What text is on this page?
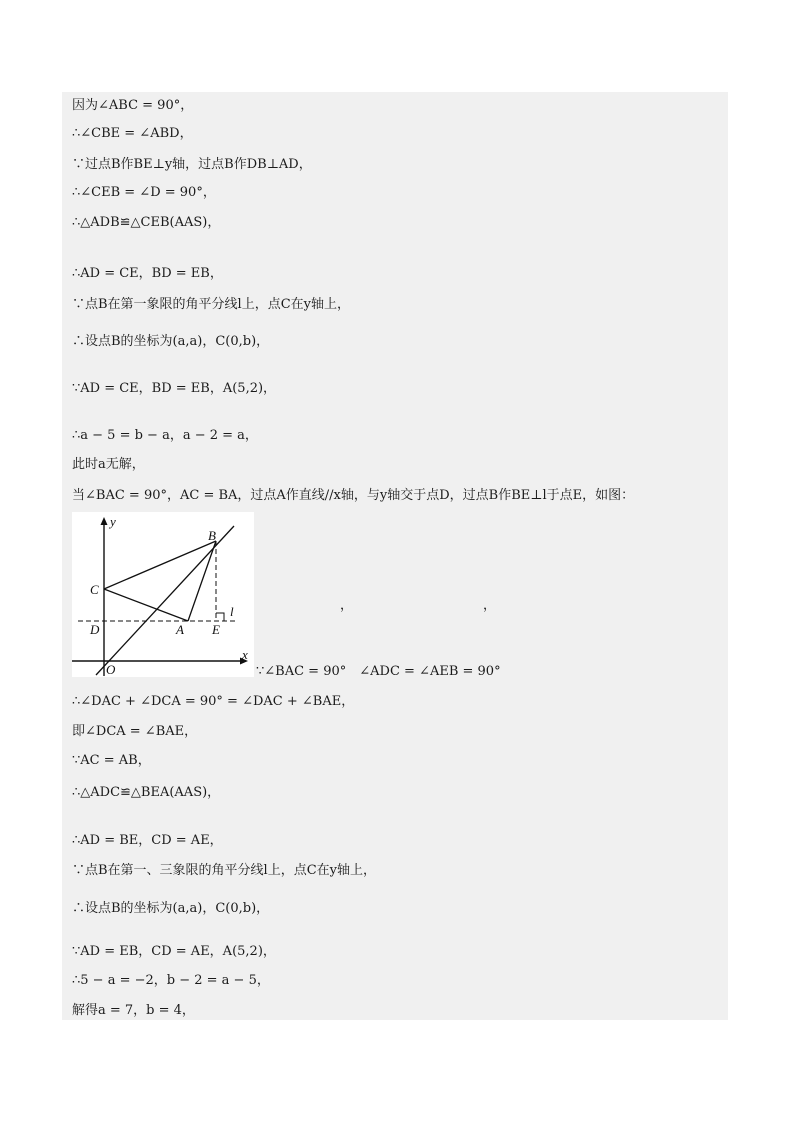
因为∠ABC = 90°，
∴∠CBE = ∠ABD，
∵过点B作BE⊥y轴，过点B作DB⊥AD，
∴∠CEB = ∠D = 90°，
∴△ADB≌△CEB(AAS)，
∴AD = CE，BD = EB，
∵点B在第一象限的角平分线l上，点C在y轴上，
∴设点B的坐标为(a,a)，C(0,b)，
∵AD = CE，BD = EB，A(5,2)，
∴a − 5 = b − a，a − 2 = a，
此时a无解，
当∠BAC = 90°，AC = BA，过点A作直线//x轴，与y轴交于点D，过点B作BE⊥l于点E，如图：
y
x
O
B
C
D	A E
l	，	，
∵∠BAC = 90°　∠ADC = ∠AEB = 90°
∴∠DAC + ∠DCA = 90° = ∠DAC + ∠BAE，
即∠DCA = ∠BAE，
∵AC = AB，
∴△ADC≌△BEA(AAS)，
∴AD = BE，CD = AE，
∵点B在第一、三象限的角平分线l上，点C在y轴上，
∴设点B的坐标为(a,a)，C(0,b)，
∵AD = EB，CD = AE，A(5,2)，
∴5 − a = −2，b − 2 = a − 5，
解得a = 7，b = 4，
